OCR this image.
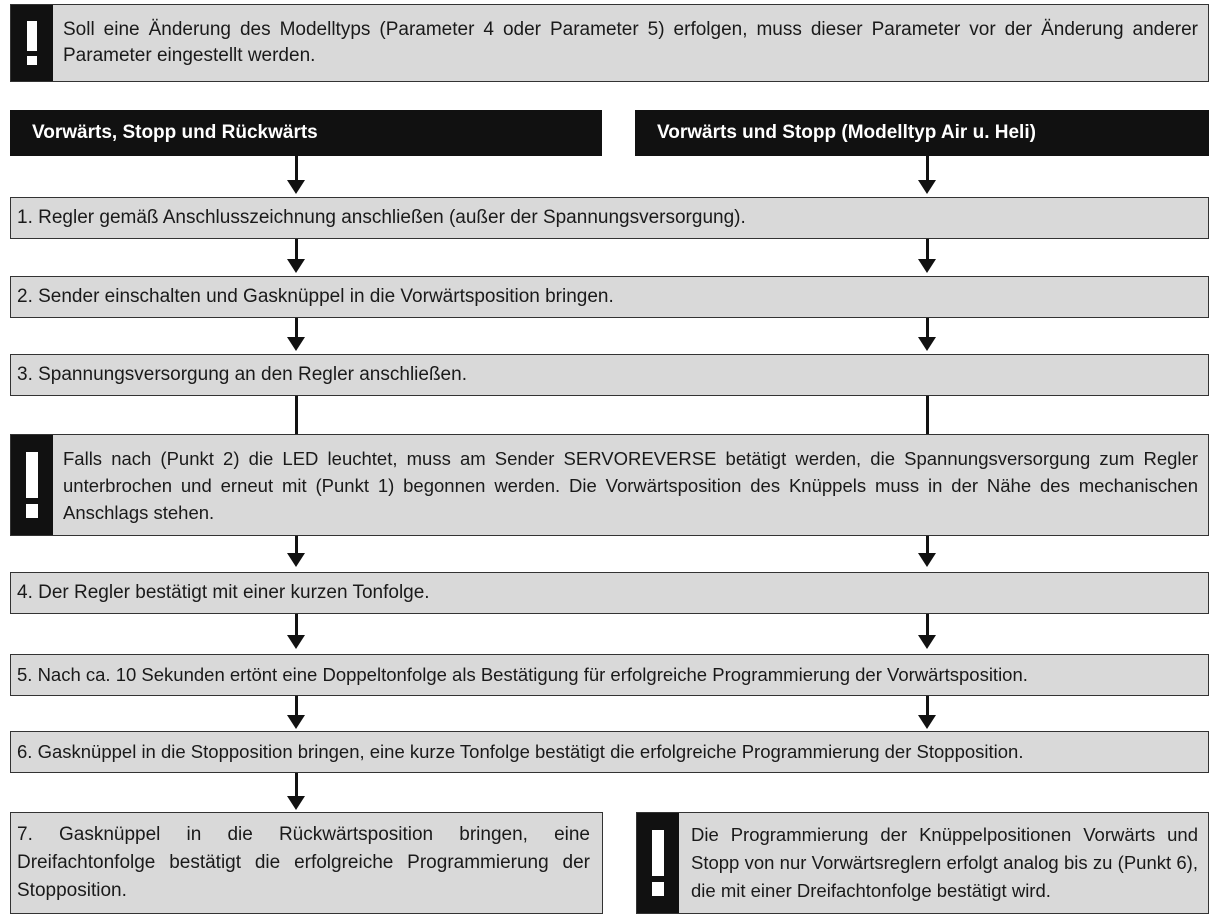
Soll eine Änderung des Modelltyps (Parameter 4 oder Parameter 5) erfolgen, muss dieser Parameter vor der Änderung anderer Parameter eingestellt werden.
Vorwärts, Stopp und Rückwärts	Vorwärts und Stopp (Modelltyp Air u. Heli)
1. Regler gemäß Anschlusszeichnung anschließen (außer der Spannungsversorgung).
2. Sender einschalten und Gasknüppel in die Vorwärtsposition bringen.
3. Spannungsversorgung an den Regler anschließen.
Falls nach (Punkt 2) die LED leuchtet, muss am Sender SERVOREVERSE betätigt werden, die Spannungsversorgung zum Regler unterbrochen und erneut mit (Punkt 1) begonnen werden. Die Vorwärtsposition des Knüppels muss in der Nähe des mechanischen Anschlags stehen.
4. Der Regler bestätigt mit einer kurzen Tonfolge.
5. Nach ca. 10 Sekunden ertönt eine Doppeltonfolge als Bestätigung für erfolgreiche Programmierung der Vorwärtsposition.
6. Gasknüppel in die Stopposition bringen, eine kurze Tonfolge bestätigt die erfolgreiche Programmierung der Stopposition.
7. Gasknüppel in die Rückwärtsposition bringen, eine Dreifachtonfolge bestätigt die erfolgreiche Programmierung der Stopposition.
Die Programmierung der Knüppelpositionen Vorwärts und Stopp von nur Vorwärtsreglern erfolgt analog bis zu (Punkt 6), die mit einer Dreifachtonfolge bestätigt wird.
